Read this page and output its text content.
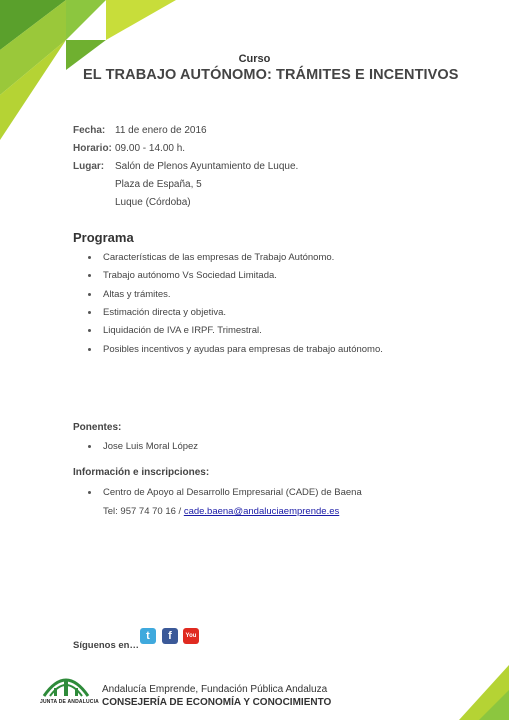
Curso
EL TRABAJO AUTÓNOMO: TRÁMITES E INCENTIVOS
Fecha: 11 de enero de 2016
Horario: 09.00 - 14.00 h.
Lugar: Salón de Plenos Ayuntamiento de Luque.
Plaza de España, 5
Luque (Córdoba)
Programa
Características de las empresas de Trabajo Autónomo.
Trabajo autónomo Vs Sociedad Limitada.
Altas y trámites.
Estimación directa y objetiva.
Liquidación de IVA e IRPF. Trimestral.
Posibles incentivos y ayudas para empresas de trabajo autónomo.
Ponentes:
Jose Luis Moral López
Información e inscripciones:
Centro de Apoyo al Desarrollo Empresarial (CADE) de Baena
Tel: 957 74 70 16 / cade.baena@andaluciaemprende.es
Síguenos en…
t	f	You

JUNTA DE ANDALUCIA
Andalucía Emprende, Fundación Pública Andaluza
CONSEJERÍA DE ECONOMÍA Y CONOCIMIENTO
